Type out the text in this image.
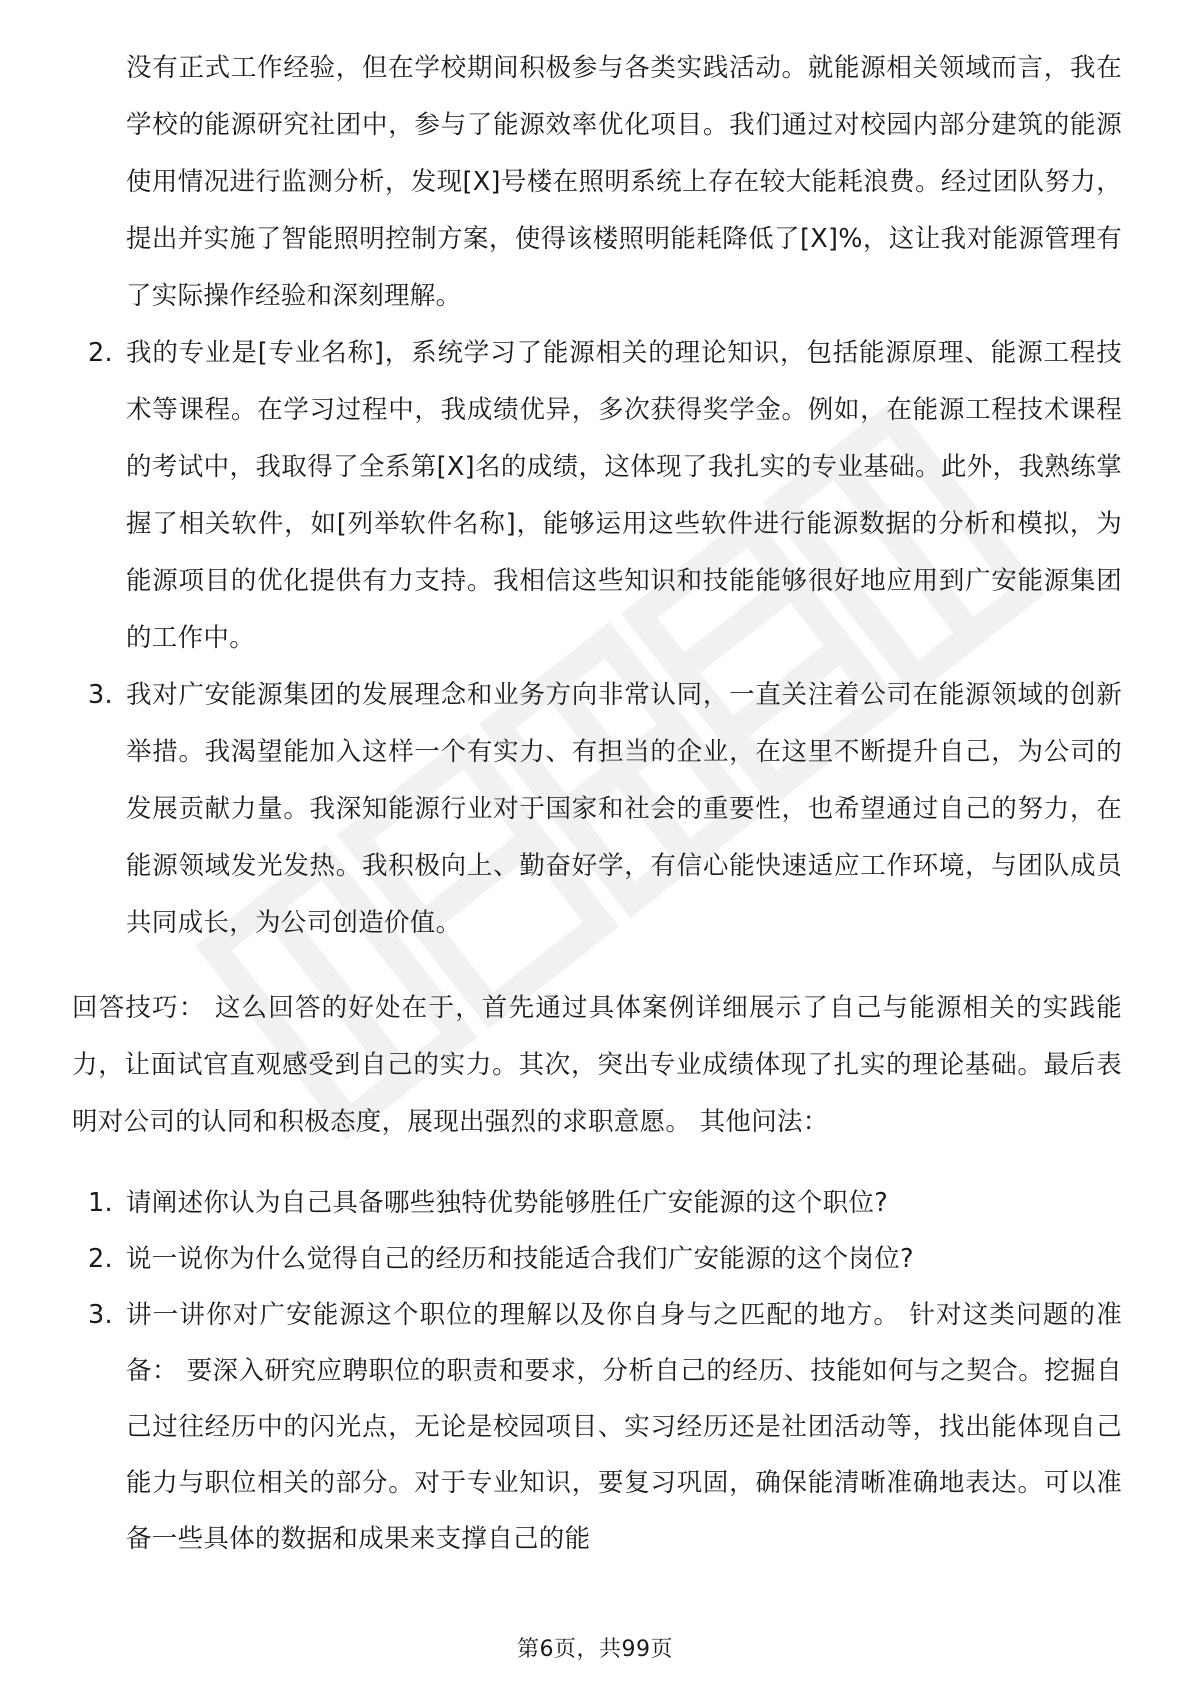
没有正式工作经验，但在学校期间积极参与各类实践活动。就能源相关领域而言，我在学校的能源研究社团中，参与了能源效率优化项目。我们通过对校园内部分建筑的能源使用情况进行监测分析，发现[X]号楼在照明系统上存在较大能耗浪费。经过团队努力，提出并实施了智能照明控制方案，使得该楼照明能耗降低了[X]%，这让我对能源管理有了实际操作经验和深刻理解。

2. 我的专业是[专业名称]，系统学习了能源相关的理论知识，包括能源原理、能源工程技术等课程。在学习过程中，我成绩优异，多次获得奖学金。例如，在能源工程技术课程的考试中，我取得了全系第[X]名的成绩，这体现了我扎实的专业基础。此外，我熟练掌握了相关软件，如[列举软件名称]，能够运用这些软件进行能源数据的分析和模拟，为能源项目的优化提供有力支持。我相信这些知识和技能能够很好地应用到广安能源集团的工作中。
3. 我对广安能源集团的发展理念和业务方向非常认同，一直关注着公司在能源领域的创新举措。我渴望能加入这样一个有实力、有担当的企业，在这里不断提升自己，为公司的发展贡献力量。我深知能源行业对于国家和社会的重要性，也希望通过自己的努力，在能源领域发光发热。我积极向上、勤奋好学，有信心能快速适应工作环境，与团队成员共同成长，为公司创造价值。

回答技巧： 这么回答的好处在于，首先通过具体案例详细展示了自己与能源相关的实践能力，让面试官直观感受到自己的实力。其次，突出专业成绩体现了扎实的理论基础。最后表明对公司的认同和积极态度，展现出强烈的求职意愿。 其他问法：

1. 请阐述你认为自己具备哪些独特优势能够胜任广安能源的这个职位?
2. 说一说你为什么觉得自己的经历和技能适合我们广安能源的这个岗位?
3. 讲一讲你对广安能源这个职位的理解以及你自身与之匹配的地方。 针对这类问题的准备： 要深入研究应聘职位的职责和要求，分析自己的经历、技能如何与之契合。挖掘自己过往经历中的闪光点，无论是校园项目、实习经历还是社团活动等，找出能体现自己能力与职位相关的部分。对于专业知识，要复习巩固，确保能清晰准确地表达。可以准备一些具体的数据和成果来支撑自己的能
第6页，共99页
